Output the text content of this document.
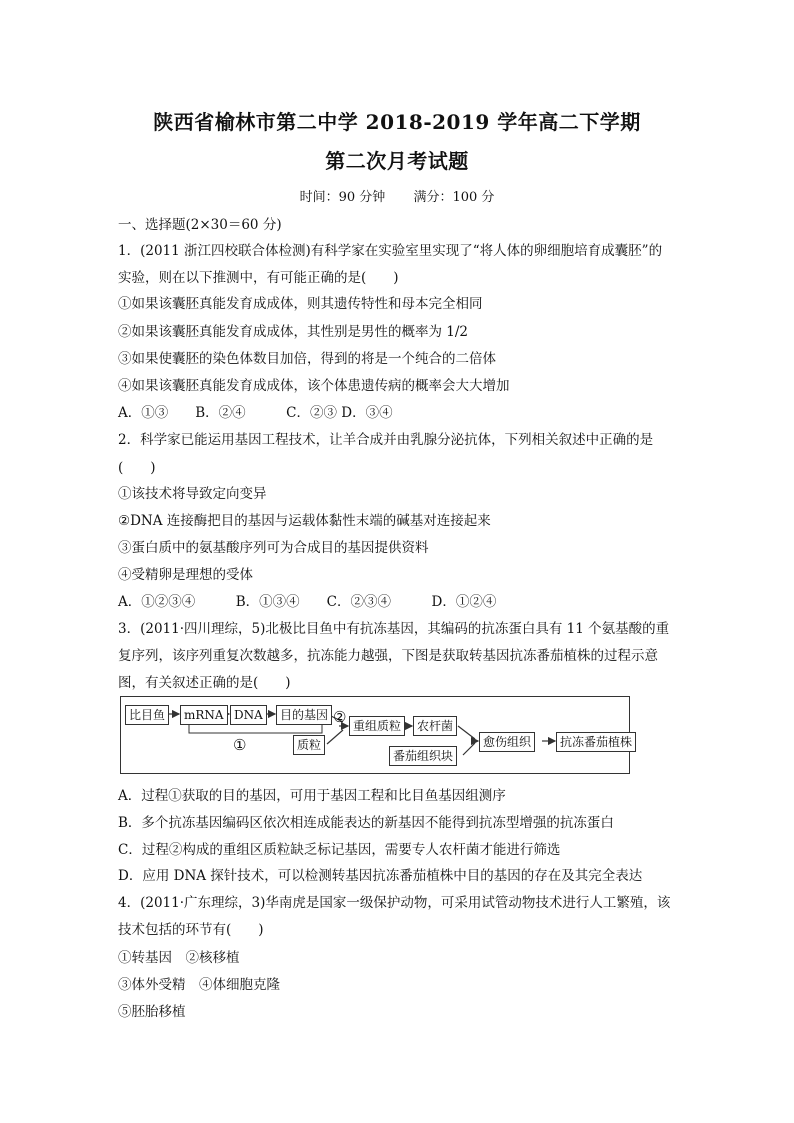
陕西省榆林市第二中学 2018-2019 学年高二下学期
第二次月考试题
时间：90 分钟 满分：100 分
一、选择题(2×30＝60 分)
1．(2011 浙江四校联合体检测)有科学家在实验室里实现了“将人体的卵细胞培育成囊胚”的
实验，则在以下推测中，有可能正确的是(　　)
①如果该囊胚真能发育成成体，则其遗传特性和母本完全相同
②如果该囊胚真能发育成成体，其性别是男性的概率为 1/2
③如果使囊胚的染色体数目加倍，得到的将是一个纯合的二倍体
④如果该囊胚真能发育成成体，该个体患遗传病的概率会大大增加
A．①③　　B．②④　　　C．②③ D．③④
2．科学家已能运用基因工程技术，让羊合成并由乳腺分泌抗体，下列相关叙述中正确的是
(　　)
①该技术将导致定向变异
②DNA 连接酶把目的基因与运载体黏性末端的碱基对连接起来
③蛋白质中的氨基酸序列可为合成目的基因提供资料
④受精卵是理想的受体
A．①②③④　　　B．①③④　　C．②③④　　　D．①②④
3．(2011·四川理综，5)北极比目鱼中有抗冻基因，其编码的抗冻蛋白具有 11 个氨基酸的重
复序列，该序列重复次数越多，抗冻能力越强，下图是获取转基因抗冻番茄植株的过程示意
图，有关叙述正确的是(　　)
A．过程①获取的目的基因，可用于基因工程和比目鱼基因组测序
B．多个抗冻基因编码区依次相连成能表达的新基因不能得到抗冻型增强的抗冻蛋白
C．过程②构成的重组区质粒缺乏标记基因，需要专人农杆菌才能进行筛选
D．应用 DNA 探针技术，可以检测转基因抗冻番茄植株中目的基因的存在及其完全表达
4．(2011·广东理综，3)华南虎是国家一级保护动物，可采用试管动物技术进行人工繁殖，该
技术包括的环节有(　　)
①转基因　②核移植
③体外受精　④体细胞克隆
⑤胚胎移植
比目鱼	mRNA DNA	目的基因
质粒
重组质粒	农杆菌
番茄组织块
愈伤组织	抗冻番茄植株
①
②
